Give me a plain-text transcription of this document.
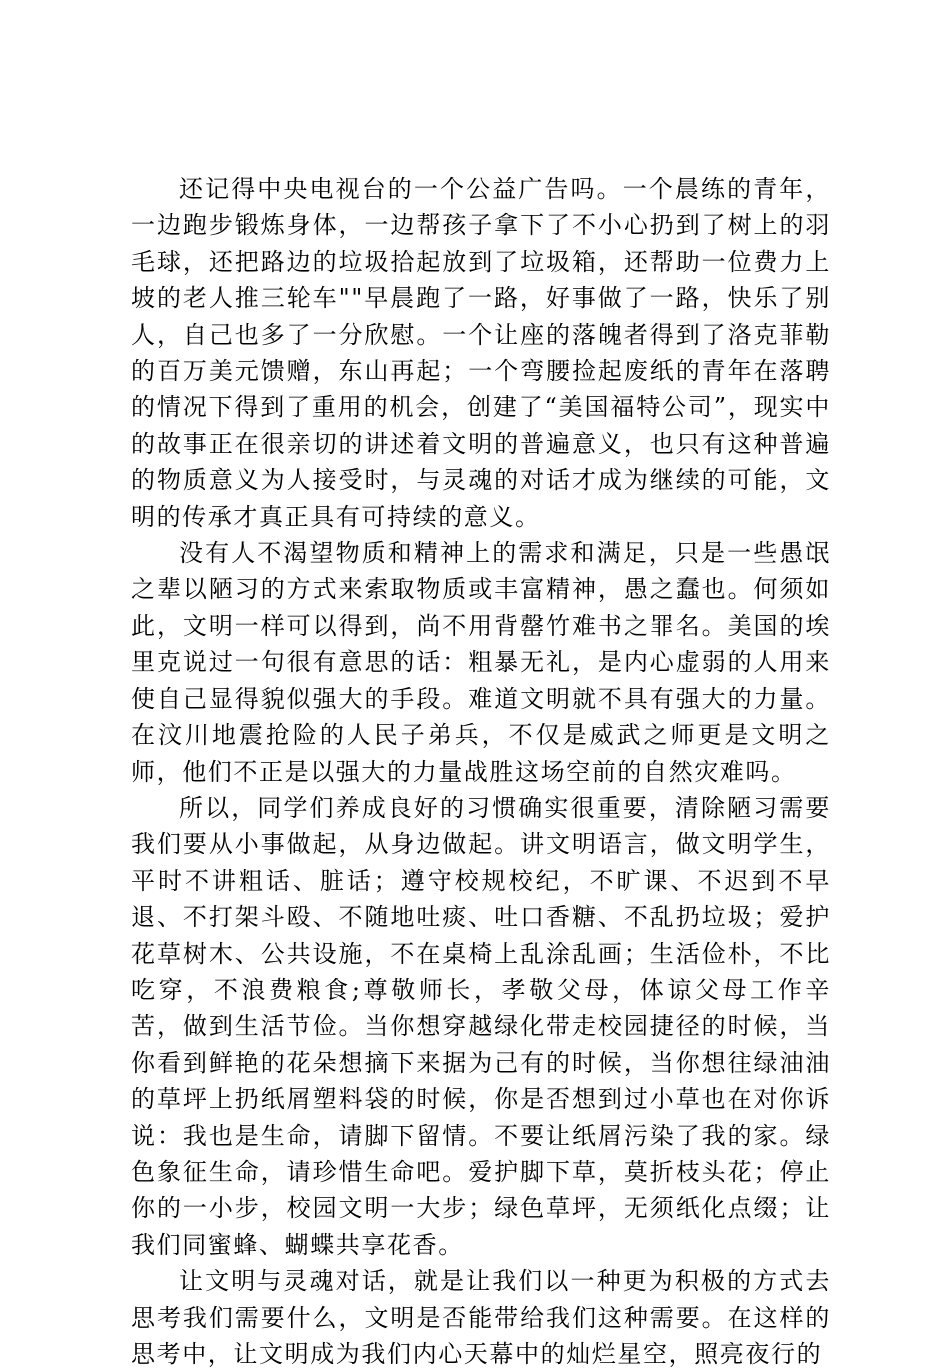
还记得中央电视台的一个公益广告吗。一个晨练的青年，一边跑步锻炼身体，一边帮孩子拿下了不小心扔到了树上的羽毛球，还把路边的垃圾拾起放到了垃圾箱，还帮助一位费力上坡的老人推三轮车""早晨跑了一路，好事做了一路，快乐了别人，自己也多了一分欣慰。一个让座的落魄者得到了洛克菲勒的百万美元馈赠，东山再起；一个弯腰捡起废纸的青年在落聘的情况下得到了重用的机会，创建了“美国福特公司”，现实中的故事正在很亲切的讲述着文明的普遍意义，也只有这种普遍的物质意义为人接受时，与灵魂的对话才成为继续的可能，文明的传承才真正具有可持续的意义。

没有人不渴望物质和精神上的需求和满足，只是一些愚氓之辈以陋习的方式来索取物质或丰富精神，愚之蠢也。何须如此，文明一样可以得到，尚不用背罄竹难书之罪名。美国的埃里克说过一句很有意思的话：粗暴无礼，是内心虚弱的人用来使自己显得貌似强大的手段。难道文明就不具有强大的力量。在汶川地震抢险的人民子弟兵，不仅是威武之师更是文明之师，他们不正是以强大的力量战胜这场空前的自然灾难吗。

所以，同学们养成良好的习惯确实很重要，清除陋习需要我们要从小事做起，从身边做起。讲文明语言，做文明学生，平时不讲粗话、脏话；遵守校规校纪，不旷课、不迟到不早退、不打架斗殴、不随地吐痰、吐口香糖、不乱扔垃圾；爱护花草树木、公共设施，不在桌椅上乱涂乱画；生活俭朴，不比吃穿，不浪费粮食;尊敬师长，孝敬父母，体谅父母工作辛苦，做到生活节俭。当你想穿越绿化带走校园捷径的时候，当你看到鲜艳的花朵想摘下来据为己有的时候，当你想往绿油油的草坪上扔纸屑塑料袋的时候，你是否想到过小草也在对你诉说：我也是生命，请脚下留情。不要让纸屑污染了我的家。绿色象征生命，请珍惜生命吧。爱护脚下草，莫折枝头花；停止你的一小步，校园文明一大步；绿色草坪，无须纸化点缀；让我们同蜜蜂、蝴蝶共享花香。

让文明与灵魂对话，就是让我们以一种更为积极的方式去思考我们需要什么，文明是否能带给我们这种需要。在这样的思考中，让文明成为我们内心天幕中的灿烂星空，照亮夜行的
